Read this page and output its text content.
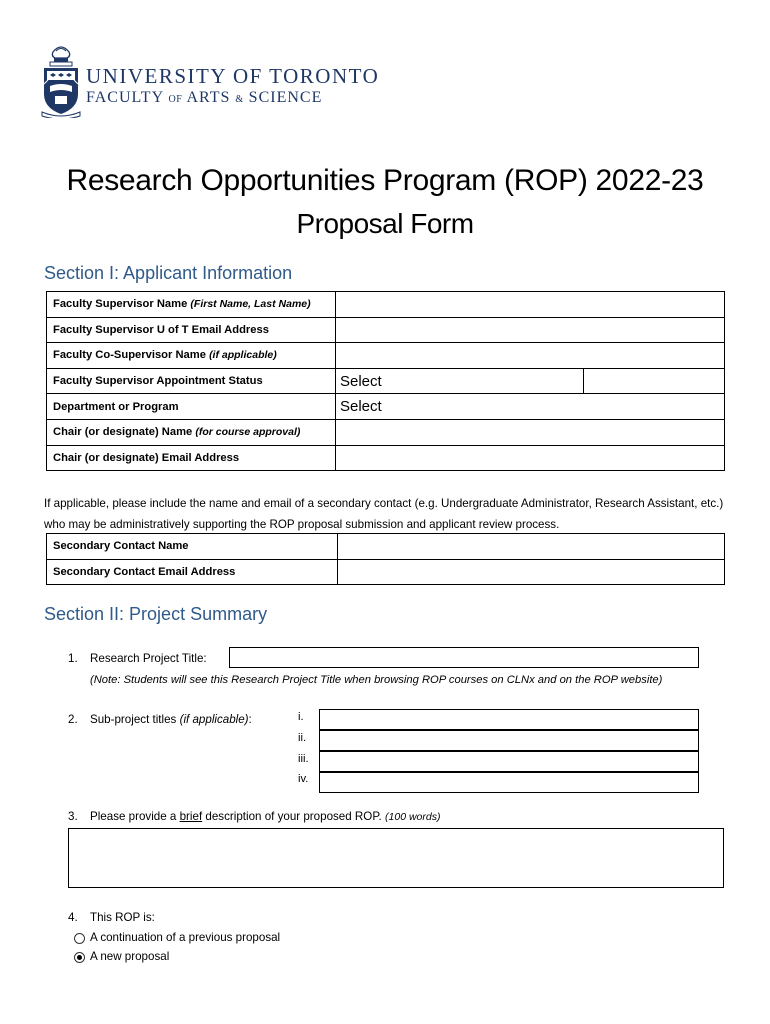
UNIVERSITY OF TORONTO
FACULTY OF ARTS & SCIENCE
Research Opportunities Program (ROP) 2022-23
Proposal Form
Section I: Applicant Information
Faculty Supervisor Name (First Name, Last Name)		
Faculty Supervisor U of T Email Address		
Faculty Co-Supervisor Name (if applicable)		
Faculty Supervisor Appointment Status	Select	
Department or Program	Select	
Chair (or designate) Name (for course approval)		
Chair (or designate) Email Address		
If applicable, please include the name and email of a secondary contact (e.g. Undergraduate Administrator, Research Assistant, etc.) who may be administratively supporting the ROP proposal submission and applicant review process.
Secondary Contact Name	
Secondary Contact Email Address	
Section II: Project Summary
1. Research Project Title:
(Note: Students will see this Research Project Title when browsing ROP courses on CLNx and on the ROP website)
2. Sub-project titles (if applicable):	i.
ii.
iii.
iv.
3. Please provide a brief description of your proposed ROP. (100 words)
4. This ROP is:
A continuation of a previous proposal
A new proposal
